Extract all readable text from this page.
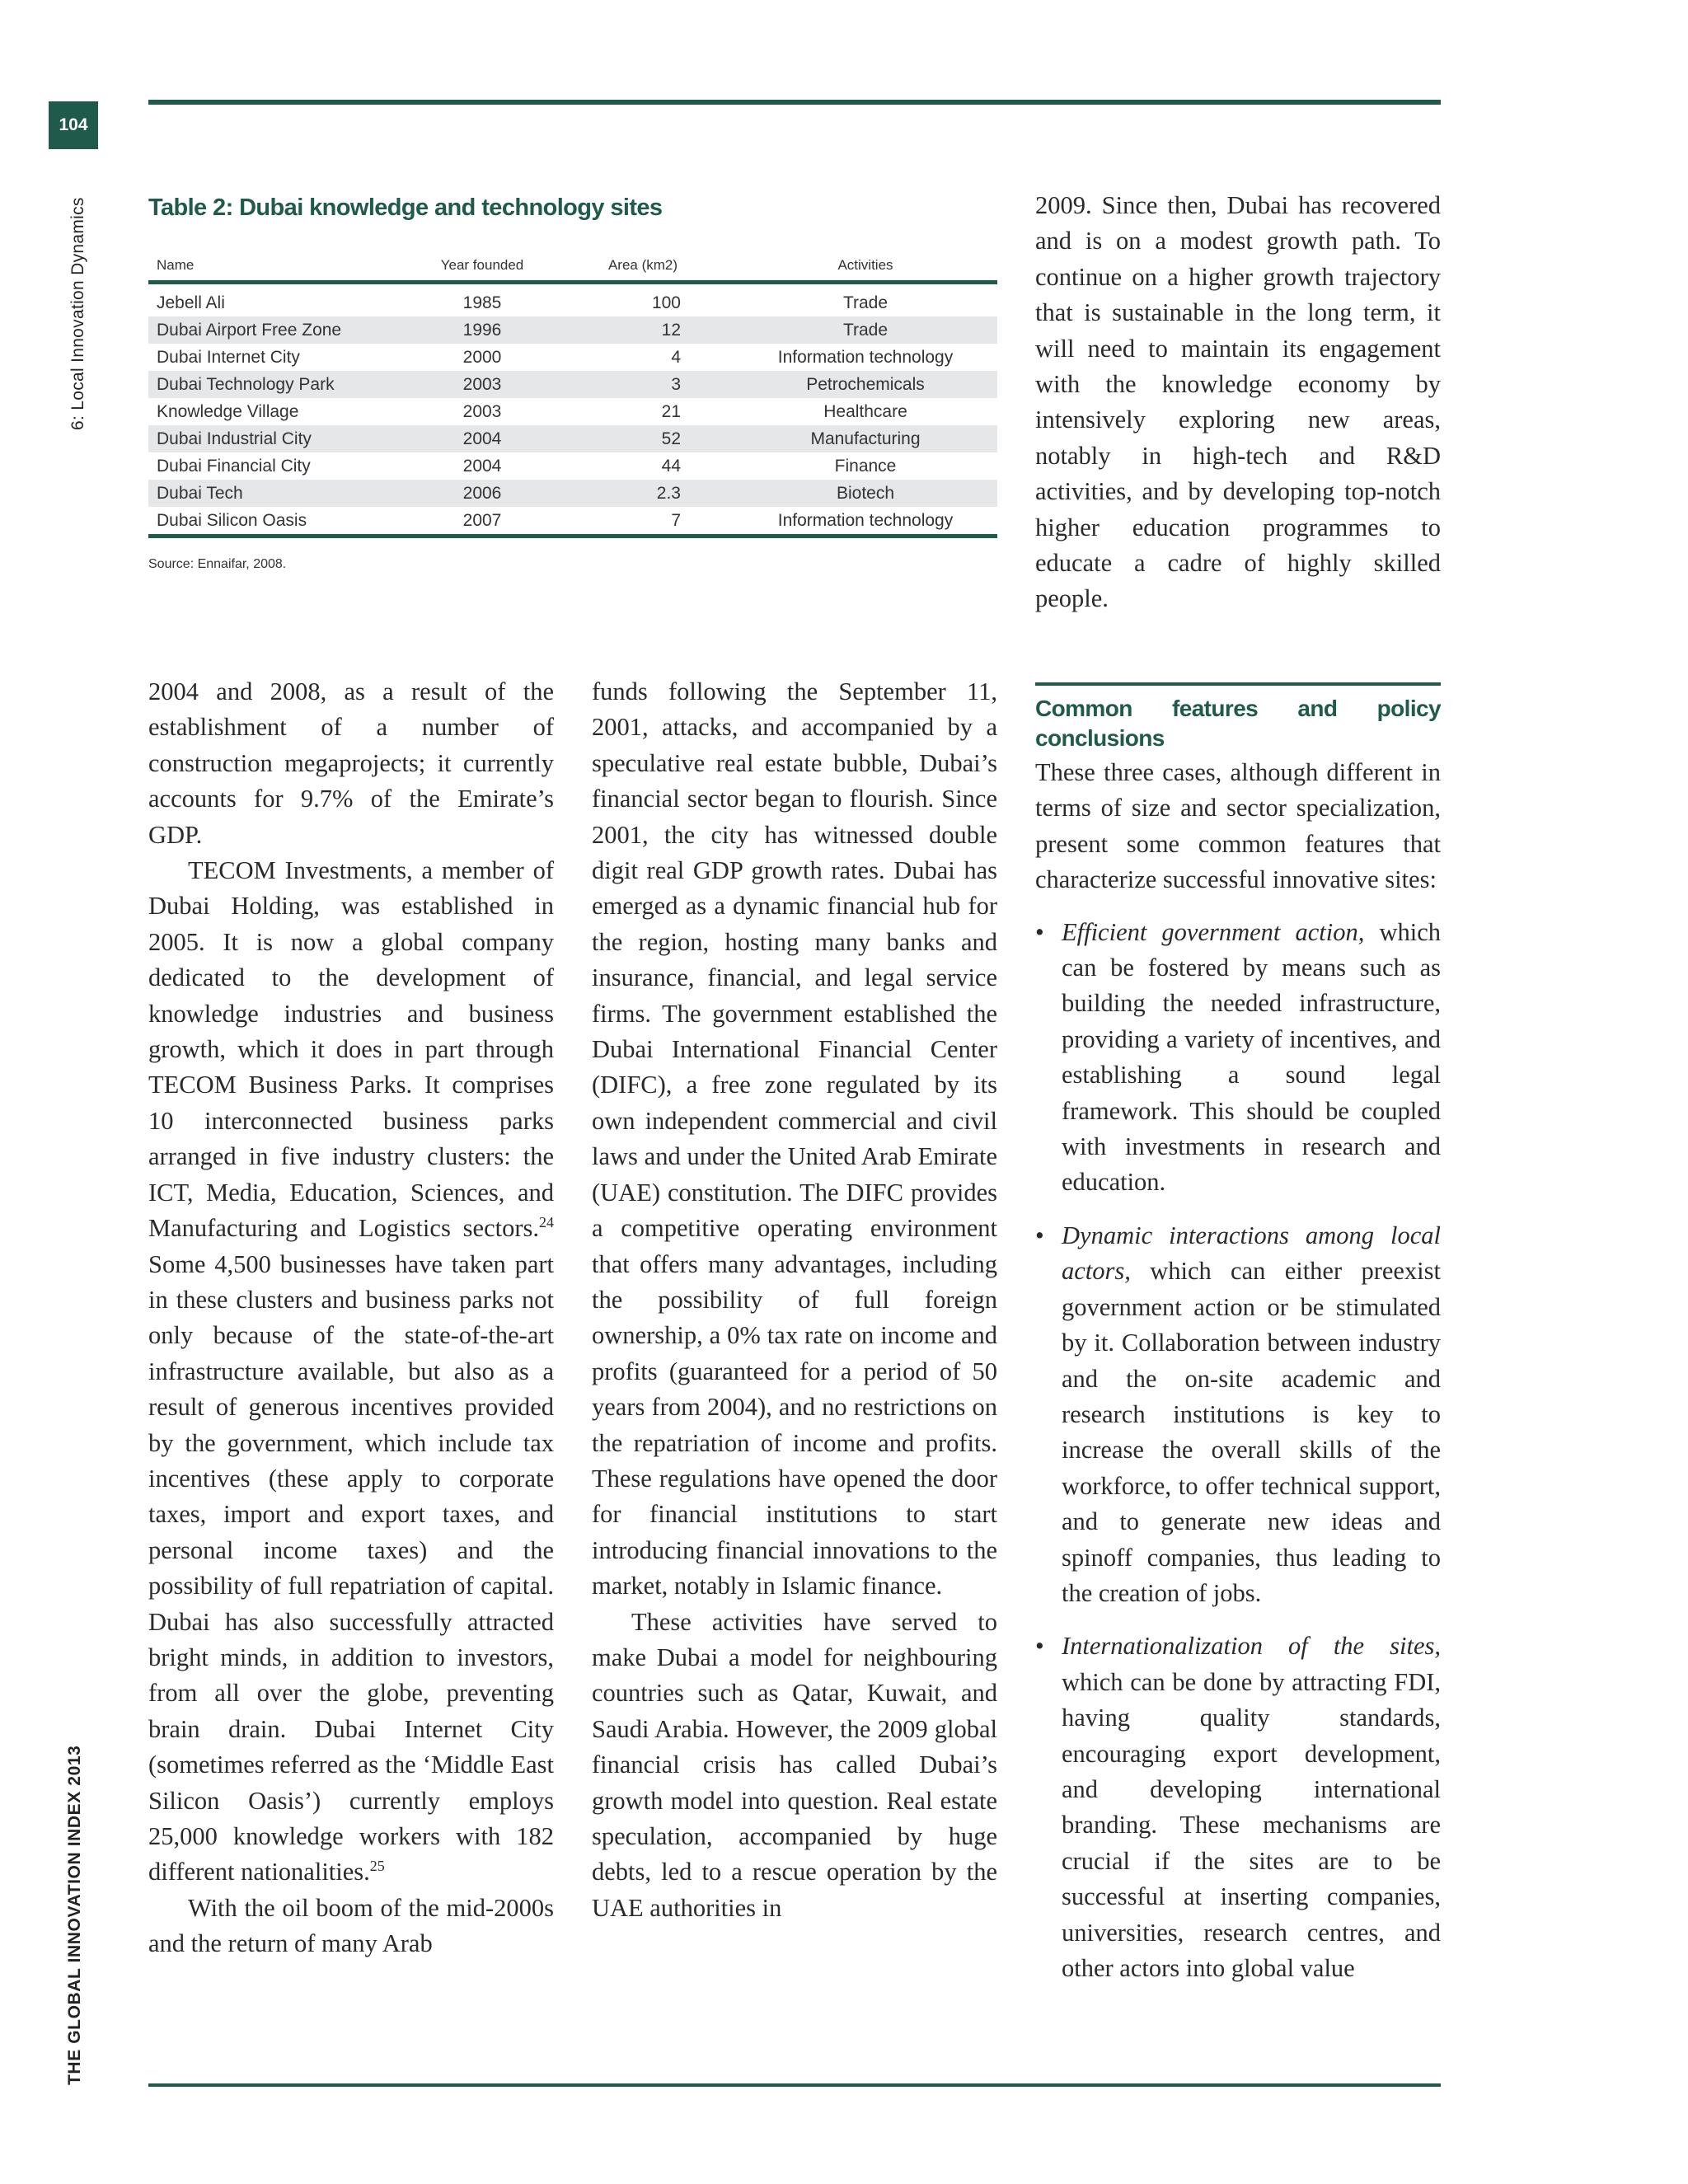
104
6: Local Innovation Dynamics
THE GLOBAL INNOVATION INDEX 2013
Table 2: Dubai knowledge and technology sites
Name	Year founded	Area (km2)	Activities
Jebell Ali	1985	100	Trade
Dubai Airport Free Zone	1996	12	Trade
Dubai Internet City	2000	4	Information technology
Dubai Technology Park	2003	3	Petrochemicals
Knowledge Village	2003	21	Healthcare
Dubai Industrial City	2004	52	Manufacturing
Dubai Financial City	2004	44	Finance
Dubai Tech	2006	2.3	Biotech
Dubai Silicon Oasis	2007	7	Information technology
Source: Ennaifar, 2008.

2004 and 2008, as a result of the establishment of a number of construction megaprojects; it currently accounts for 9.7% of the Emirate’s GDP.

TECOM Investments, a member of Dubai Holding, was established in 2005. It is now a global company dedicated to the development of knowledge industries and business growth, which it does in part through TECOM Business Parks. It comprises 10 interconnected business parks arranged in five industry clusters: the ICT, Media, Education, Sciences, and Manufacturing and Logistics sectors.$^{24}$ Some 4,500 businesses have taken part in these clusters and business parks not only because of the state-of-the-art infrastructure available, but also as a result of generous incentives provided by the government, which include tax incentives (these apply to corporate taxes, import and export taxes, and personal income taxes) and the possibility of full repatriation of capital. Dubai has also successfully attracted bright minds, in addition to investors, from all over the globe, preventing brain drain. Dubai Internet City (sometimes referred as the ‘Middle East Silicon Oasis’) currently employs 25,000 knowledge workers with 182 different nationalities.$^{25}$

With the oil boom of the mid-2000s and the return of many Arab

funds following the September 11, 2001, attacks, and accompanied by a speculative real estate bubble, Dubai’s financial sector began to flourish. Since 2001, the city has witnessed double digit real GDP growth rates. Dubai has emerged as a dynamic financial hub for the region, hosting many banks and insurance, financial, and legal service firms. The government established the Dubai International Financial Center (DIFC), a free zone regulated by its own independent commercial and civil laws and under the United Arab Emirate (UAE) constitution. The DIFC provides a competitive operating environment that offers many advantages, including the possibility of full foreign ownership, a 0% tax rate on income and profits (guaranteed for a period of 50 years from 2004), and no restrictions on the repatriation of income and profits. These regulations have opened the door for financial institutions to start introducing financial innovations to the market, notably in Islamic finance.

These activities have served to make Dubai a model for neighbouring countries such as Qatar, Kuwait, and Saudi Arabia. However, the 2009 global financial crisis has called Dubai’s growth model into question. Real estate speculation, accompanied by huge debts, led to a rescue operation by the UAE authorities in

2009. Since then, Dubai has recovered and is on a modest growth path. To continue on a higher growth trajectory that is sustainable in the long term, it will need to maintain its engagement with the knowledge economy by intensively exploring new areas, notably in high-tech and R&D activities, and by developing top-notch higher education programmes to educate a cadre of highly skilled people.

Common features and policy conclusions

These three cases, although different in terms of size and sector specialization, present some common features that characterize successful innovative sites:

• Efficient government action, which can be fostered by means such as building the needed infrastructure, providing a variety of incentives, and establishing a sound legal framework. This should be coupled with investments in research and education.
• Dynamic interactions among local actors, which can either preexist government action or be stimulated by it. Collaboration between industry and the on-site academic and research institutions is key to increase the overall skills of the workforce, to offer technical support, and to generate new ideas and spinoff companies, thus leading to the creation of jobs.
• Internationalization of the sites, which can be done by attracting FDI, having quality standards, encouraging export development, and developing international branding. These mechanisms are crucial if the sites are to be successful at inserting companies, universities, research centres, and other actors into global value
